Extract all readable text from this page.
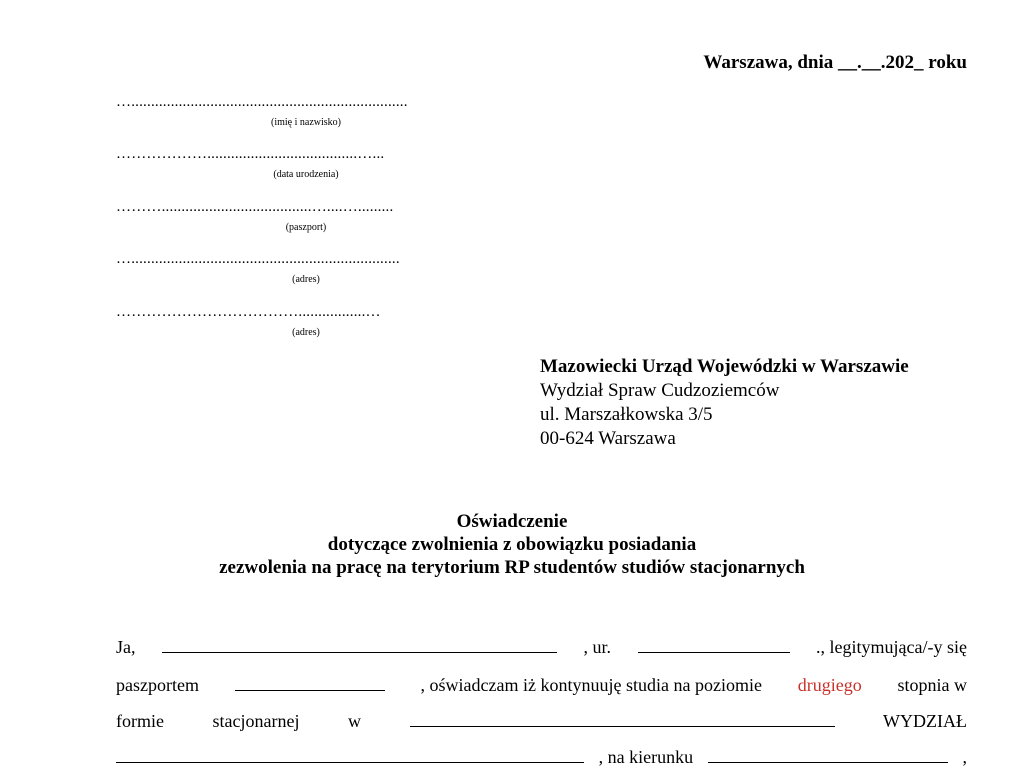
Warszawa, dnia __.__.202_ roku
…......................................................................
(imię i nazwisko)
………………......................................…...
(data urodzenia)
………......................................…....….........
(paszport)
…....................................................................
(adres)
……………………………….................…
(adres)
Mazowiecki Urząd Wojewódzki w Warszawie
Wydział Spraw Cudzoziemców
ul. Marszałkowska 3/5
00-624 Warszawa
Oświadczenie
dotyczące zwolnienia z obowiązku posiadania
zezwolenia na pracę na terytorium RP studentów studiów stacjonarnych
Ja,	, ur.	., legitymująca/-y się
paszportem	, oświadczam iż kontynuuję studia na poziomie drugiego stopnia w
formie	stacjonarnej	w	WYDZIAŁ
, na kierunku	,
